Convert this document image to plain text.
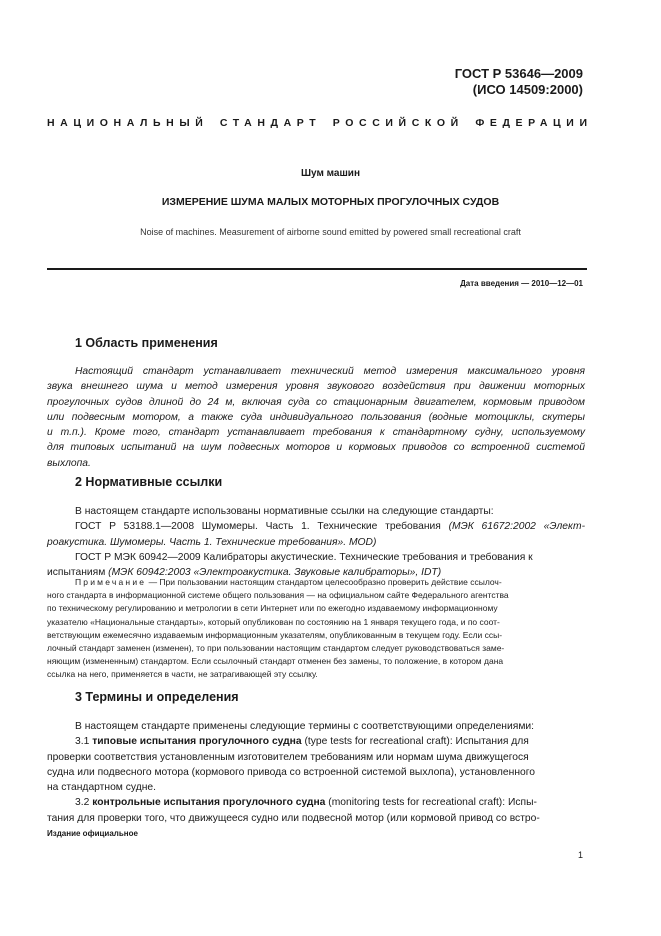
ГОСТ Р 53646—2009
(ИСО 14509:2000)
НАЦИОНАЛЬНЫЙ СТАНДАРТ РОССИЙСКОЙ ФЕДЕРАЦИИ
Шум машин
ИЗМЕРЕНИЕ ШУМА МАЛЫХ МОТОРНЫХ ПРОГУЛОЧНЫХ СУДОВ
Noise of machines. Measurement of airborne sound emitted by powered small recreational craft
Дата введения — 2010—12—01
1 Область применения
Настоящий стандарт устанавливает технический метод измерения максимального уровня
звука внешнего шума и метод измерения уровня звукового воздействия при движении моторных
прогулочных судов длиной до 24 м, включая суда со стационарным двигателем, кормовым приводом
или подвесным мотором, а также суда индивидуального пользования (водные мотоциклы, скутеры
и т.п.). Кроме того, стандарт устанавливает требования к стандартному судну, используемому
для типовых испытаний на шум подвесных моторов и кормовых приводов со встроенной системой
выхлопа.
2 Нормативные ссылки
В настоящем стандарте использованы нормативные ссылки на следующие стандарты:
ГОСТ Р 53188.1—2008 Шумомеры. Часть 1. Технические требования (МЭК 61672:2002 «Элект-
роакустика. Шумомеры. Часть 1. Технические требования». MOD)
ГОСТ Р МЭК 60942—2009 Калибраторы акустические. Технические требования и требования к
испытаниям (МЭК 60942:2003 «Электроакустика. Звуковые калибраторы», IDT)
Примечание — При пользовании настоящим стандартом целесообразно проверить действие ссылоч-
ного стандарта в информационной системе общего пользования — на официальном сайте Федерального агентства
по техническому регулированию и метрологии в сети Интернет или по ежегодно издаваемому информационному
указателю «Национальные стандарты», который опубликован по состоянию на 1 января текущего года, и по соот-
ветствующим ежемесячно издаваемым информационным указателям, опубликованным в текущем году. Если ссы-
лочный стандарт заменен (изменен), то при пользовании настоящим стандартом следует руководствоваться заме-
няющим (измененным) стандартом. Если ссылочный стандарт отменен без замены, то положение, в котором дана
ссылка на него, применяется в части, не затрагивающей эту ссылку.
3 Термины и определения
В настоящем стандарте применены следующие термины с соответствующими определениями:
3.1 типовые испытания прогулочного судна (type tests for recreational craft): Испытания для
проверки соответствия установленным изготовителем требованиям или нормам шума движущегося
судна или подвесного мотора (кормового привода со встроенной системой выхлопа), установленного
на стандартном судне.
3.2 контрольные испытания прогулочного судна (monitoring tests for recreational craft): Испы-
тания для проверки того, что движущееся судно или подвесной мотор (или кормовой привод со встро-
Издание официальное
1
